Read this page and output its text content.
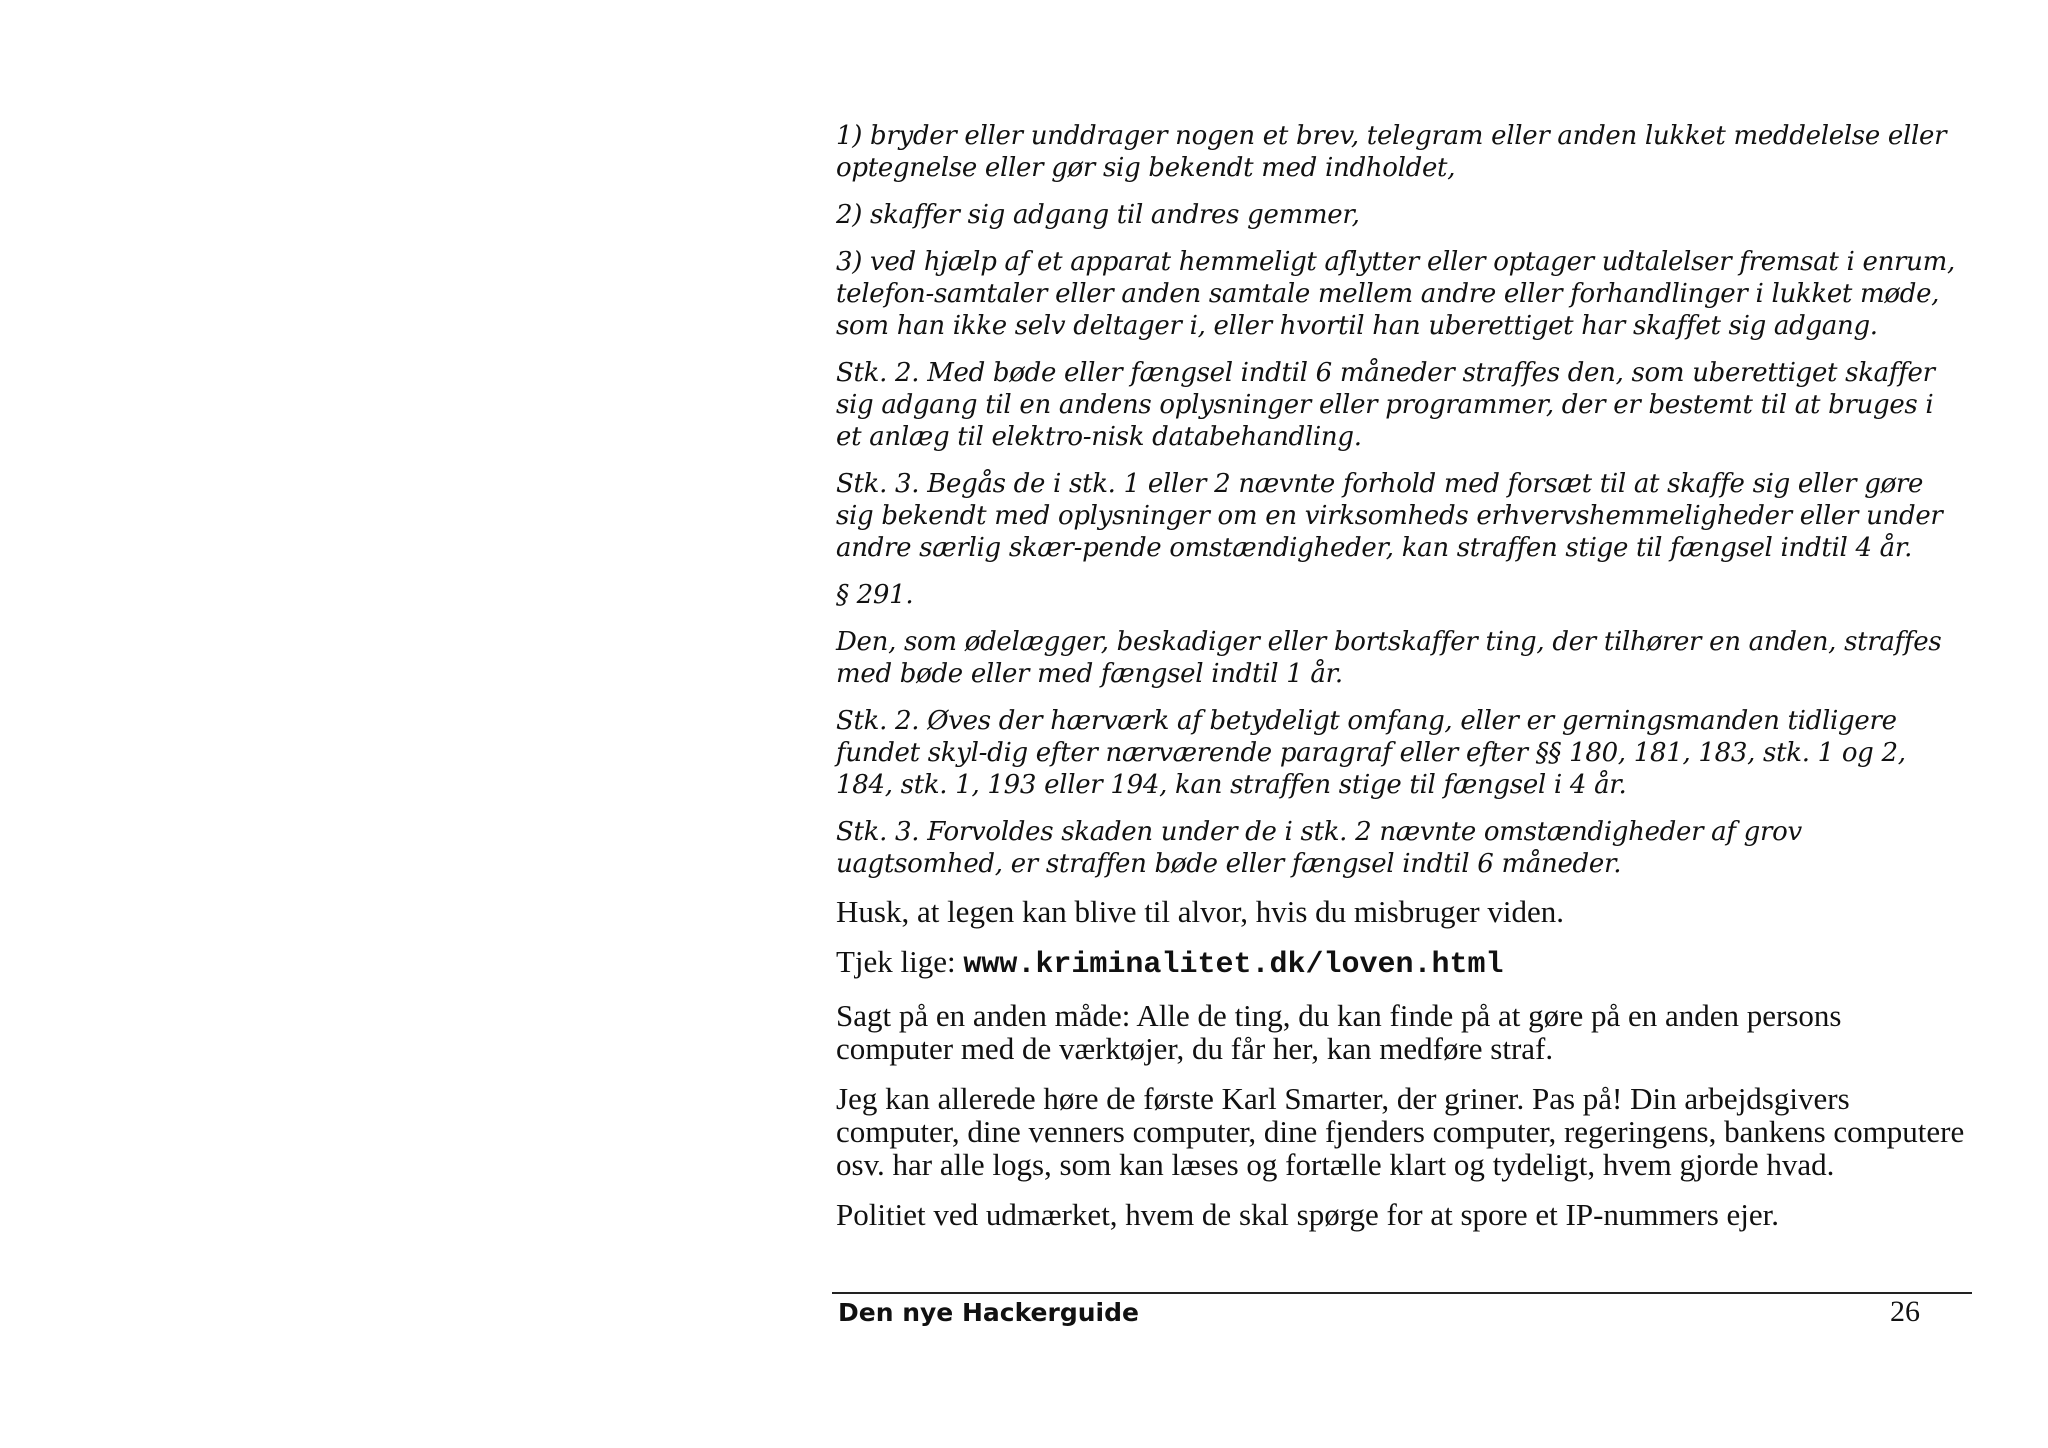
1) bryder eller unddrager nogen et brev, telegram eller anden lukket meddelelse eller optegnelse eller gør sig bekendt med indholdet,

2) skaffer sig adgang til andres gemmer,

3) ved hjælp af et apparat hemmeligt aflytter eller optager udtalelser fremsat i enrum, telefon-samtaler eller anden samtale mellem andre eller forhandlinger i lukket møde, som han ikke selv deltager i, eller hvortil han uberettiget har skaffet sig adgang.

Stk. 2. Med bøde eller fængsel indtil 6 måneder straffes den, som uberettiget skaffer sig adgang til en andens oplysninger eller programmer, der er bestemt til at bruges i et anlæg til elektro-nisk databehandling.

Stk. 3. Begås de i stk. 1 eller 2 nævnte forhold med forsæt til at skaffe sig eller gøre sig bekendt med oplysninger om en virksomheds erhvervshemmeligheder eller under andre særlig skær-pende omstændigheder, kan straffen stige til fængsel indtil 4 år.

§ 291.

Den, som ødelægger, beskadiger eller bortskaffer ting, der tilhører en anden, straffes med bøde eller med fængsel indtil 1 år.

Stk. 2. Øves der hærværk af betydeligt omfang, eller er gerningsmanden tidligere fundet skyl-dig efter nærværende paragraf eller efter §§ 180, 181, 183, stk. 1 og 2, 184, stk. 1, 193 eller 194, kan straffen stige til fængsel i 4 år.

Stk. 3. Forvoldes skaden under de i stk. 2 nævnte omstændigheder af grov uagtsomhed, er straffen bøde eller fængsel indtil 6 måneder.

Husk, at legen kan blive til alvor, hvis du misbruger viden.

Tjek lige: www.kriminalitet.dk/loven.html

Sagt på en anden måde: Alle de ting, du kan finde på at gøre på en anden persons computer med de værktøjer, du får her, kan medføre straf.

Jeg kan allerede høre de første Karl Smarter, der griner. Pas på! Din arbejdsgivers computer, dine venners computer, dine fjenders computer, regeringens, bankens computere osv. har alle logs, som kan læses og fortælle klart og tydeligt, hvem gjorde hvad.

Politiet ved udmærket, hvem de skal spørge for at spore et IP-nummers ejer.

Den nye Hackerguide	26
